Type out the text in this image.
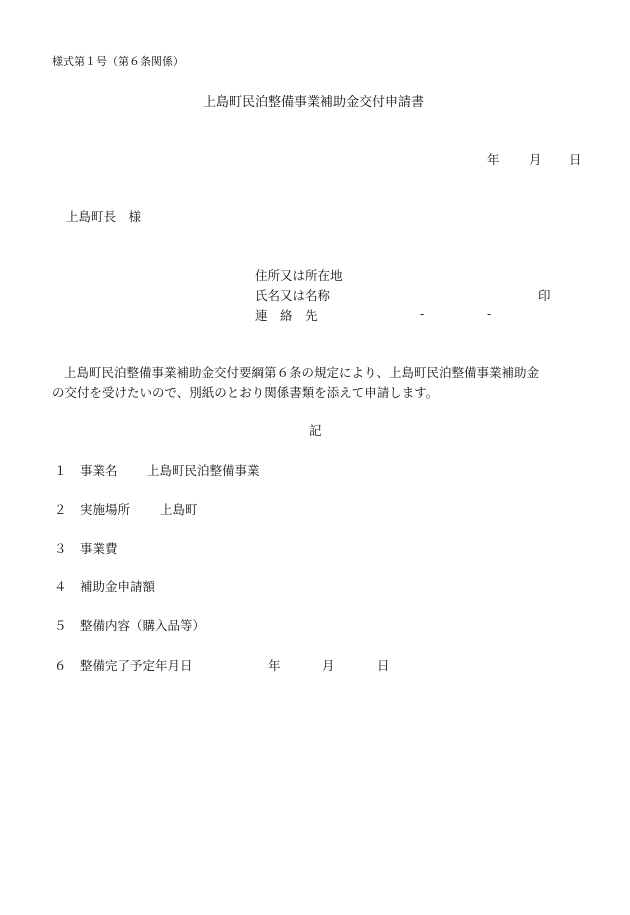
様式第１号（第６条関係）
上島町民泊整備事業補助金交付申請書
年 月 日
上島町長　様
住所又は所在地
氏名又は名称	印
連　絡　先	-	-
上島町民泊整備事業補助金交付要綱第６条の規定により、上島町民泊整備事業補助金
の交付を受けたいので、別紙のとおり関係書類を添えて申請します。
記
１ 事業名 上島町民泊整備事業
２ 実施場所 上島町
３ 事業費
４ 補助金申請額
５ 整備内容（購入品等）
６ 整備完了予定年月日	年	月	日
